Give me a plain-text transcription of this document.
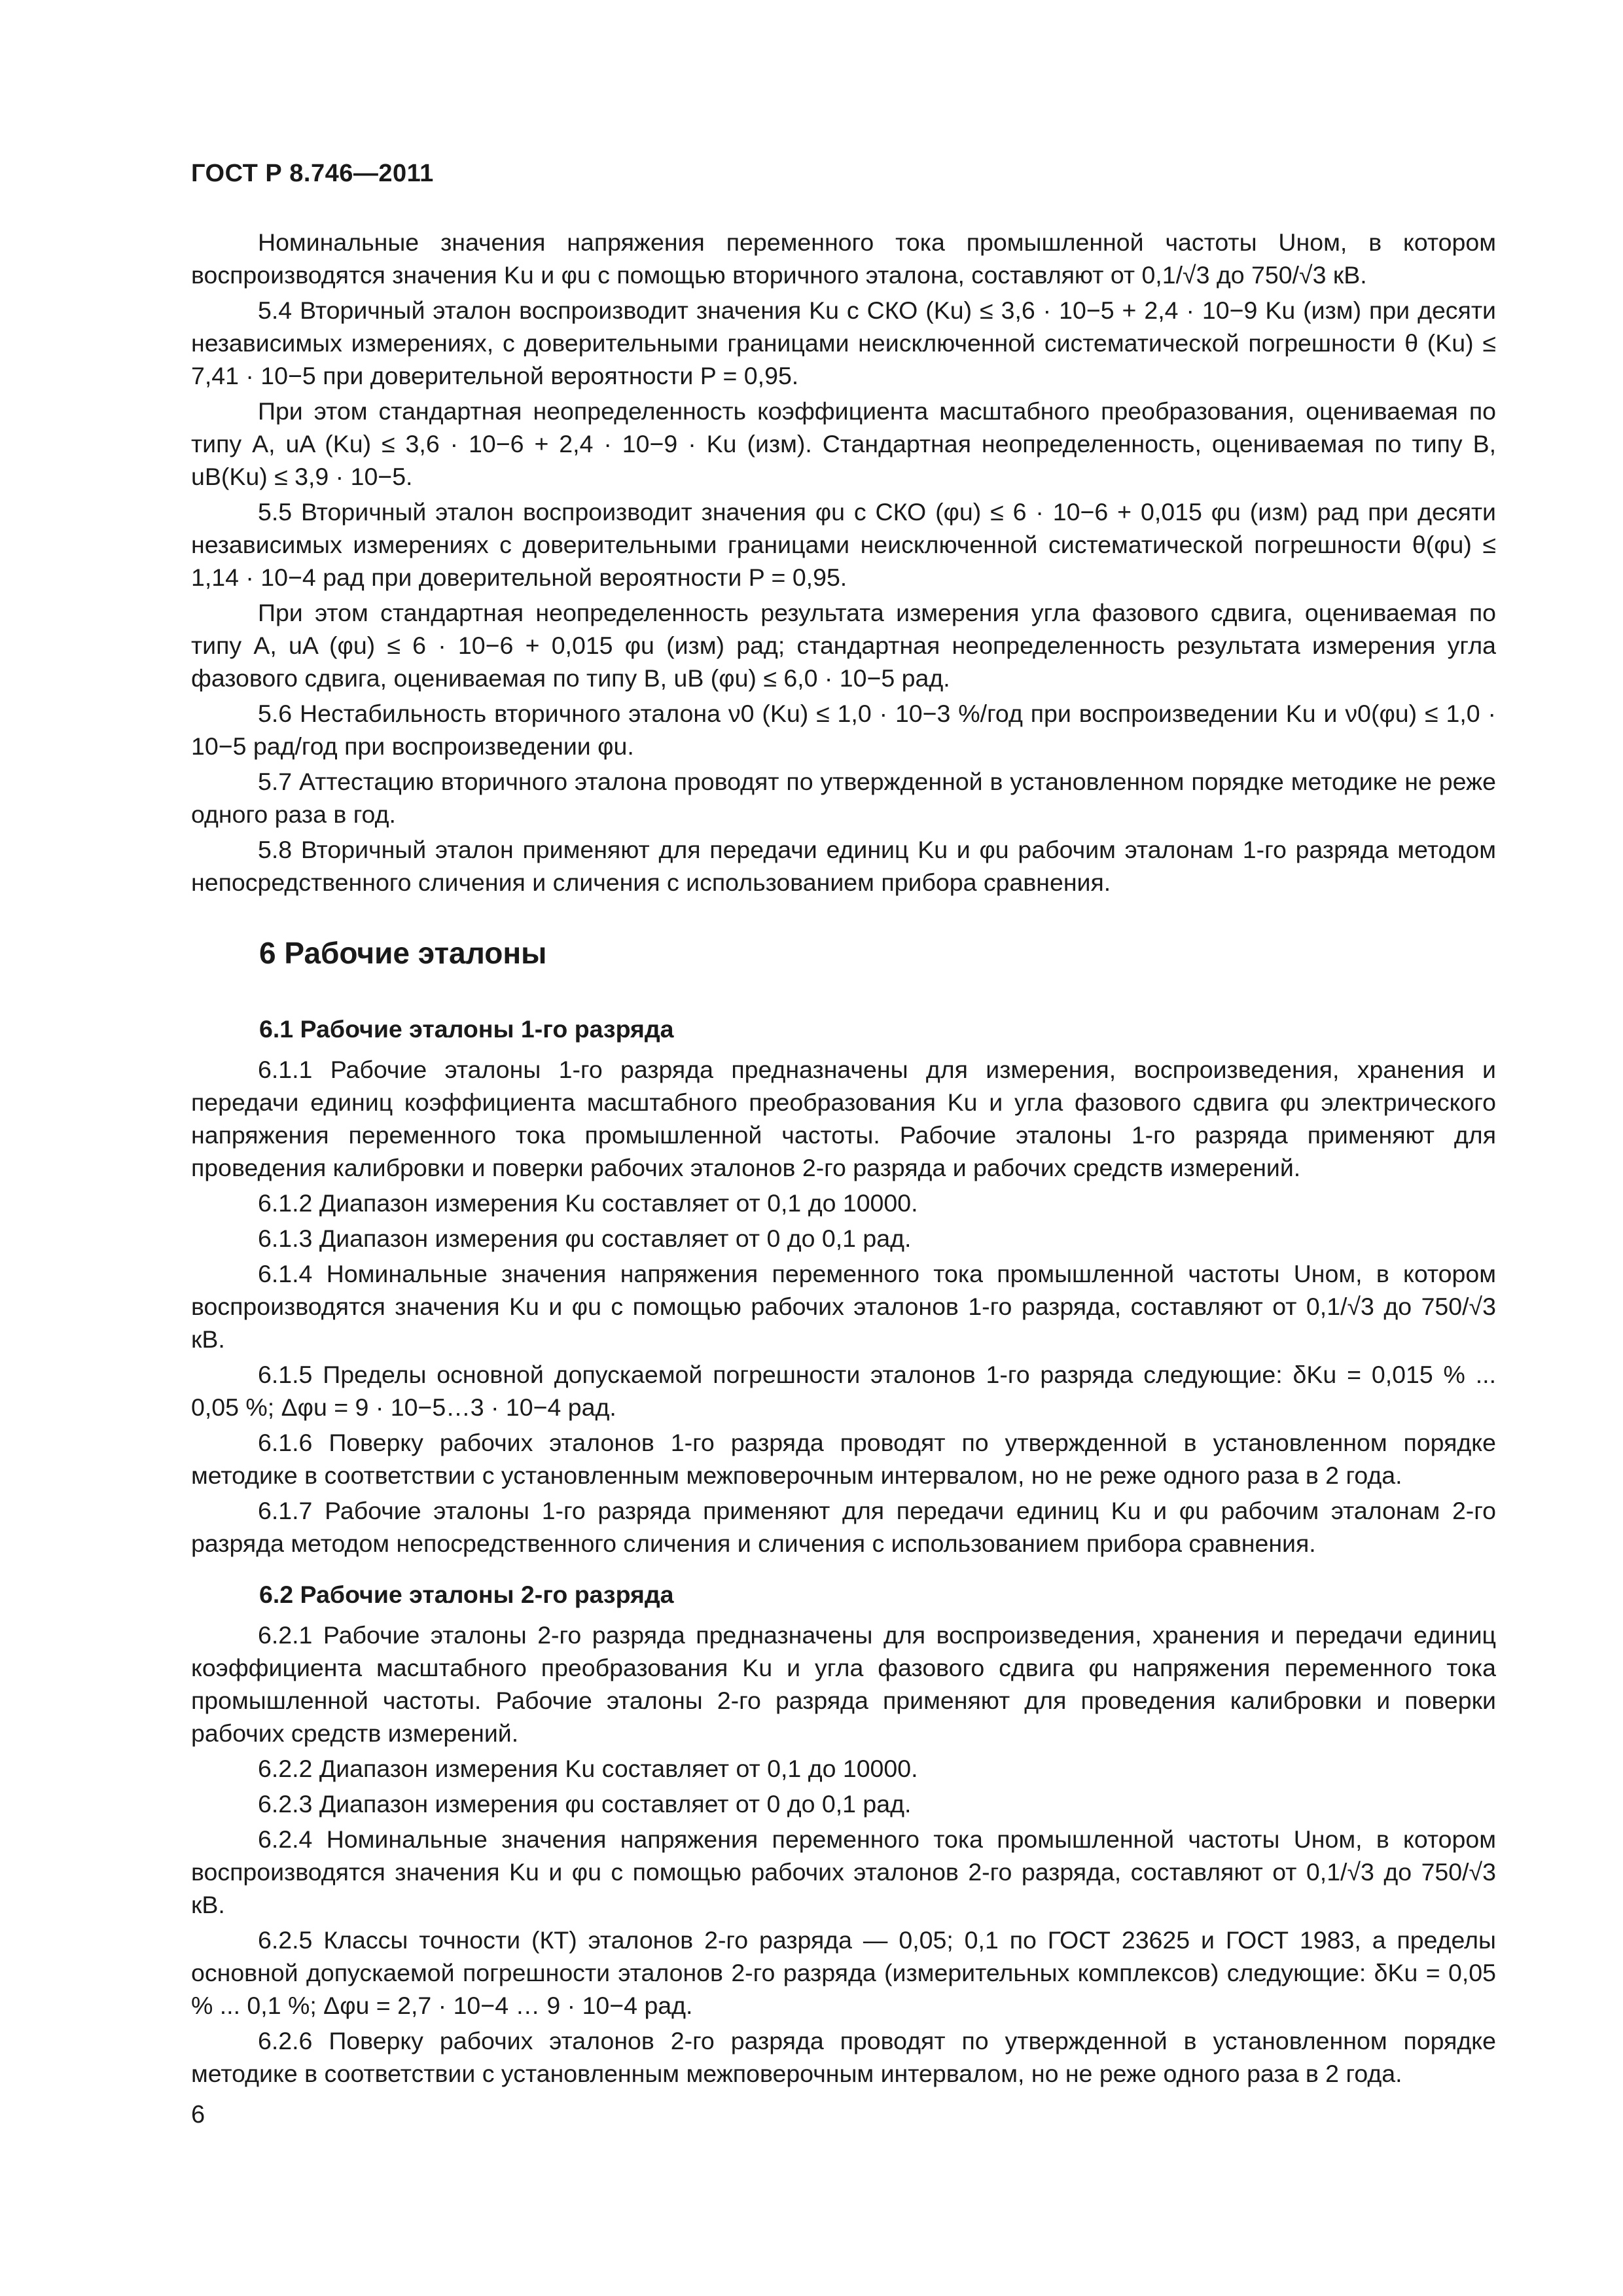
ГОСТ Р 8.746—2011

Номинальные значения напряжения переменного тока промышленной частоты Uном, в котором воспроизводятся значения Ku и φu с помощью вторичного эталона, составляют от 0,1/√3 до 750/√3 кВ.

5.4 Вторичный эталон воспроизводит значения Ku с СКО (Ku) ≤ 3,6 · 10−5 + 2,4 · 10−9 Ku (изм) при десяти независимых измерениях, с доверительными границами неисключенной систематической погрешности θ (Ku) ≤ 7,41 · 10−5 при доверительной вероятности P = 0,95.

При этом стандартная неопределенность коэффициента масштабного преобразования, оцениваемая по типу А, uA (Ku) ≤ 3,6 · 10−6 + 2,4 · 10−9 · Ku (изм). Стандартная неопределенность, оцениваемая по типу В, uB(Ku) ≤ 3,9 · 10−5.

5.5 Вторичный эталон воспроизводит значения φu с СКО (φu) ≤ 6 · 10−6 + 0,015 φu (изм) рад при десяти независимых измерениях с доверительными границами неисключенной систематической погрешности θ(φu) ≤ 1,14 · 10−4 рад при доверительной вероятности P = 0,95.

При этом стандартная неопределенность результата измерения угла фазового сдвига, оцениваемая по типу А, uA (φu) ≤ 6 · 10−6 + 0,015 φu (изм) рад; стандартная неопределенность результата измерения угла фазового сдвига, оцениваемая по типу В, uB (φu) ≤ 6,0 · 10−5 рад.

5.6 Нестабильность вторичного эталона ν0 (Ku) ≤ 1,0 · 10−3 %/год при воспроизведении Ku и ν0(φu) ≤ 1,0 · 10−5 рад/год при воспроизведении φu.

5.7 Аттестацию вторичного эталона проводят по утвержденной в установленном порядке методике не реже одного раза в год.

5.8 Вторичный эталон применяют для передачи единиц Ku и φu рабочим эталонам 1-го разряда методом непосредственного сличения и сличения с использованием прибора сравнения.

6 Рабочие эталоны
6.1 Рабочие эталоны 1-го разряда

6.1.1 Рабочие эталоны 1-го разряда предназначены для измерения, воспроизведения, хранения и передачи единиц коэффициента масштабного преобразования Ku и угла фазового сдвига φu электрического напряжения переменного тока промышленной частоты. Рабочие эталоны 1-го разряда применяют для проведения калибровки и поверки рабочих эталонов 2-го разряда и рабочих средств измерений.

6.1.2 Диапазон измерения Ku составляет от 0,1 до 10000.

6.1.3 Диапазон измерения φu составляет от 0 до 0,1 рад.

6.1.4 Номинальные значения напряжения переменного тока промышленной частоты Uном, в котором воспроизводятся значения Ku и φu с помощью рабочих эталонов 1-го разряда, составляют от 0,1/√3 до 750/√3 кВ.

6.1.5 Пределы основной допускаемой погрешности эталонов 1-го разряда следующие: δKu = 0,015 % ... 0,05 %; Δφu = 9 · 10−5…3 · 10−4 рад.

6.1.6 Поверку рабочих эталонов 1-го разряда проводят по утвержденной в установленном порядке методике в соответствии с установленным межповерочным интервалом, но не реже одного раза в 2 года.

6.1.7 Рабочие эталоны 1-го разряда применяют для передачи единиц Ku и φu рабочим эталонам 2-го разряда методом непосредственного сличения и сличения с использованием прибора сравнения.

6.2 Рабочие эталоны 2-го разряда

6.2.1 Рабочие эталоны 2-го разряда предназначены для воспроизведения, хранения и передачи единиц коэффициента масштабного преобразования Ku и угла фазового сдвига φu напряжения переменного тока промышленной частоты. Рабочие эталоны 2-го разряда применяют для проведения калибровки и поверки рабочих средств измерений.

6.2.2 Диапазон измерения Ku составляет от 0,1 до 10000.

6.2.3 Диапазон измерения φu составляет от 0 до 0,1 рад.

6.2.4 Номинальные значения напряжения переменного тока промышленной частоты Uном, в котором воспроизводятся значения Ku и φu с помощью рабочих эталонов 2-го разряда, составляют от 0,1/√3 до 750/√3 кВ.

6.2.5 Классы точности (КТ) эталонов 2-го разряда — 0,05; 0,1 по ГОСТ 23625 и ГОСТ 1983, а пределы основной допускаемой погрешности эталонов 2-го разряда (измерительных комплексов) следующие: δKu = 0,05 % ... 0,1 %; Δφu = 2,7 · 10−4 … 9 · 10−4 рад.

6.2.6 Поверку рабочих эталонов 2-го разряда проводят по утвержденной в установленном порядке методике в соответствии с установленным межповерочным интервалом, но не реже одного раза в 2 года.

6
